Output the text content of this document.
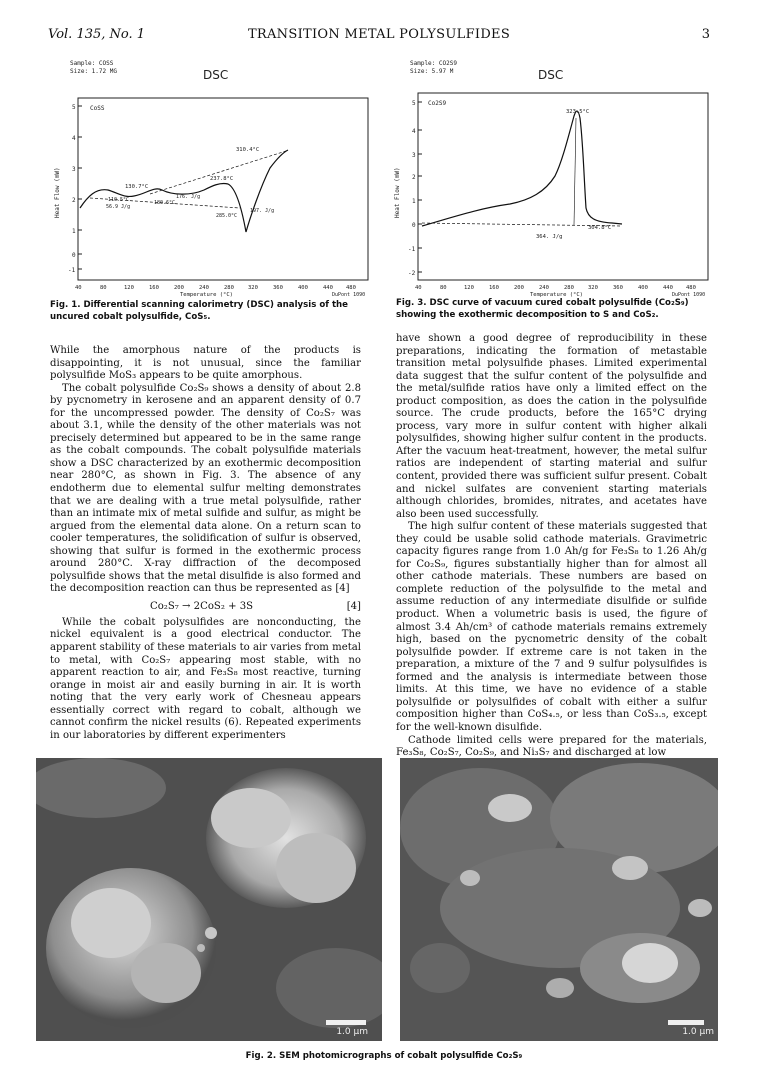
Vol. 135, No. 1	TRANSITION METAL POLYSULFIDES	3
Sample: COSS
Size: 1.72 MG	DSC
5
4
3
2
1
0
-1
Heat Flow (mW)
CoSS
40	80	120	160	200	240	280	320	360	400	440 480
Temperature (°C)	DuPont 1090
310.4°C
130.7°C
237.8°C
110.5°C	176. J/g
56.9 J/g
180.6°C
197. J/g
285.0°C
Sample: CO2S9
Size: 5.97 M	DSC
5
4
3
2
1
0
-1
-2
Heat Flow (mW)
Co2S9
40	80	120	160	200	240	280	320	360	400	440 480
Temperature (°C)	DuPont 1090
323.5°C
304.8°C
364. J/g
Fig. 1. Differential scanning calorimetry (DSC) analysis of the uncured cobalt polysulfide, CoS₅.
Fig. 3. DSC curve of vacuum cured cobalt polysulfide (Co₂S₉) showing the exothermic decomposition to S and CoS₂.

While the amorphous nature of the products is disappointing, it is not unusual, since the familiar polysulfide MoS₃ appears to be quite amorphous.

The cobalt polysulfide Co₂S₉ shows a density of about 2.8 by pycnometry in kerosene and an apparent density of 0.7 for the uncompressed powder. The density of Co₂S₇ was about 3.1, while the density of the other materials was not precisely determined but appeared to be in the same range as the cobalt compounds. The cobalt polysulfide materials show a DSC characterized by an exothermic decomposition near 280°C, as shown in Fig. 3. The absence of any endotherm due to elemental sulfur melting demonstrates that we are dealing with a true metal polysulfide, rather than an intimate mix of metal sulfide and sulfur, as might be argued from the elemental data alone. On a return scan to cooler temperatures, the solidification of sulfur is observed, showing that sulfur is formed in the exothermic process around 280°C. X-ray diffraction of the decomposed polysulfide shows that the metal disulfide is also formed and the decomposition reaction can thus be represented as [4]

Co₂S₇ → 2CoS₂ + 3S	[4]

While the cobalt polysulfides are nonconducting, the nickel equivalent is a good electrical conductor. The apparent stability of these materials to air varies from metal to metal, with Co₂S₇ appearing most stable, with no apparent reaction to air, and Fe₃S₈ most reactive, turning orange in moist air and easily burning in air. It is worth noting that the very early work of Chesneau appears essentially correct with regard to cobalt, although we cannot confirm the nickel results (6). Repeated experiments in our laboratories by different experimenters

have shown a good degree of reproducibility in these preparations, indicating the formation of metastable transition metal polysulfide phases. Limited experimental data suggest that the sulfur content of the polysulfide and the metal/sulfide ratios have only a limited effect on the product composition, as does the cation in the polysulfide source. The crude products, before the 165°C drying process, vary more in sulfur content with higher alkali polysulfides, showing higher sulfur content in the products. After the vacuum heat-treatment, however, the metal sulfur ratios are independent of starting material and sulfur content, provided there was sufficient sulfur present. Cobalt and nickel sulfates are convenient starting materials although chlorides, bromides, nitrates, and acetates have also been used successfully.

The high sulfur content of these materials suggested that they could be usable solid cathode materials. Gravimetric capacity figures range from 1.0 Ah/g for Fe₃S₈ to 1.26 Ah/g for Co₂S₉, figures substantially higher than for almost all other cathode materials. These numbers are based on complete reduction of the polysulfide to the metal and assume reduction of any intermediate disulfide or sulfide product. When a volumetric basis is used, the figure of almost 3.4 Ah/cm³ of cathode materials remains extremely high, based on the pycnometric density of the cobalt polysulfide powder. If extreme care is not taken in the preparation, a mixture of the 7 and 9 sulfur polysulfides is formed and the analysis is intermediate between those limits. At this time, we have no evidence of a stable polysulfide or polysulfides of cobalt with either a sulfur composition higher than CoS₄.₅, or less than CoS₃.₅, except for the well-known disulfide.

Cathode limited cells were prepared for the materials, Fe₃S₈, Co₂S₇, Co₂S₉, and Ni₃S₇ and discharged at low

1.0 μm	1.0 μm
Fig. 2. SEM photomicrographs of cobalt polysulfide Co₂S₉
